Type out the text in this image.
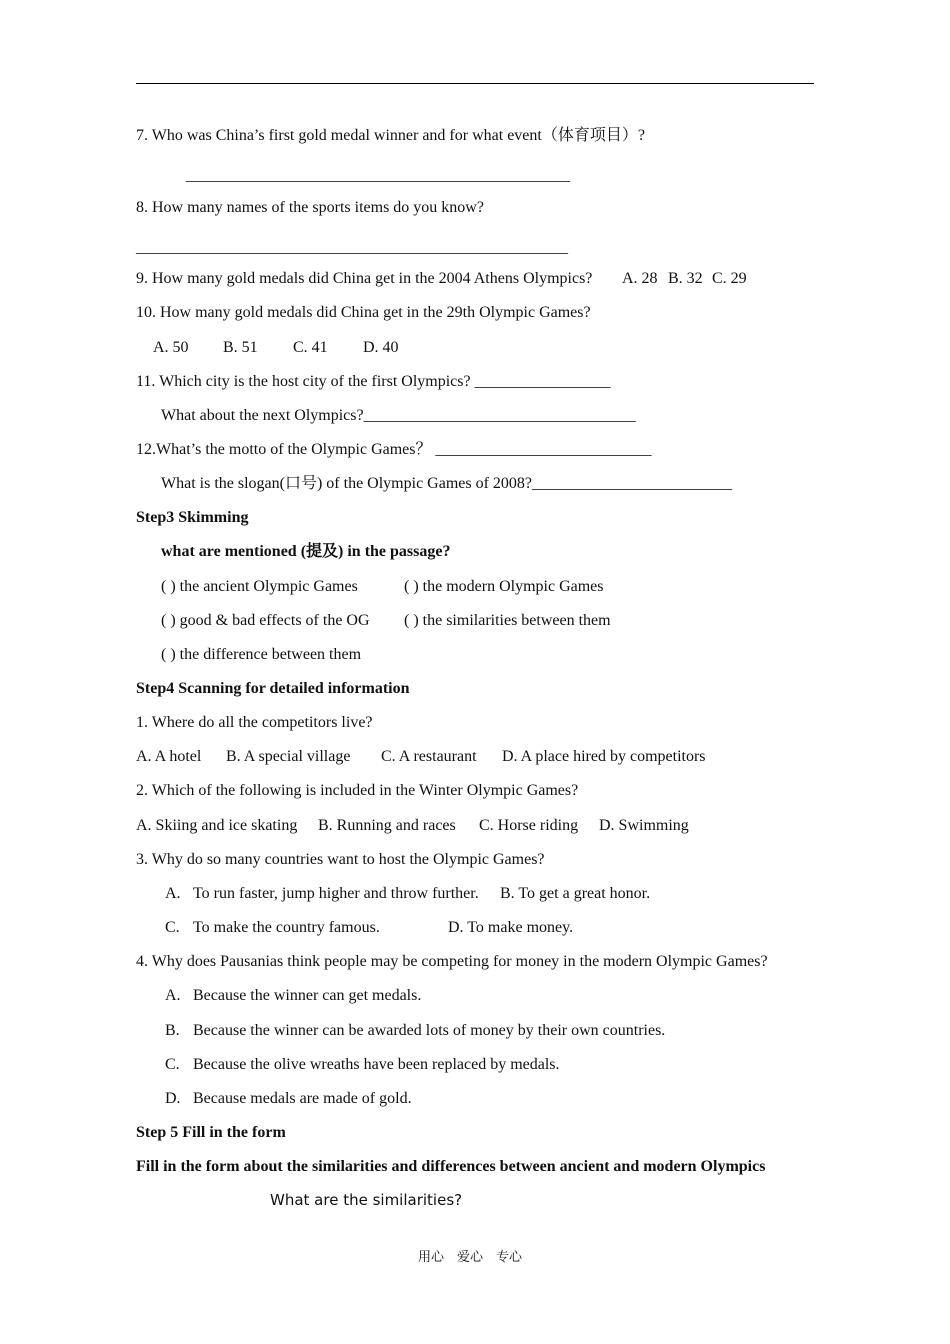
7. Who was China’s first gold medal winner and for what event（体育项目）?
________________________________________________
8. How many names of the sports items do you know?
______________________________________________________
9. How many gold medals did China get in the 2004 Athens Olympics? A. 28 B. 32 C. 29
10. How many gold medals did China get in the 29th Olympic Games?
A. 50 B. 51 C. 41 D. 40
11. Which city is the host city of the first Olympics? _________________
What about the next Olympics?__________________________________
12.What’s the motto of the Olympic Games？ ___________________________
What is the slogan(口号) of the Olympic Games of 2008?_________________________
Step3 Skimming
what are mentioned (提及) in the passage?
( ) the ancient Olympic Games	( ) the modern Olympic Games
( ) good & bad effects of the OG ( ) the similarities between them
( ) the difference between them
Step4 Scanning for detailed information
1. Where do all the competitors live?
A. A hotel B. A special village C. A restaurant D. A place hired by competitors
2. Which of the following is included in the Winter Olympic Games?
A. Skiing and ice skating B. Running and races C. Horse riding D. Swimming
3. Why do so many countries want to host the Olympic Games?
A. To run faster, jump higher and throw further. B. To get a great honor.
C. To make the country famous.	D. To make money.
4. Why does Pausanias think people may be competing for money in the modern Olympic Games?
A. Because the winner can get medals.
B. Because the winner can be awarded lots of money by their own countries.
C. Because the olive wreaths have been replaced by medals.
D. Because medals are made of gold.
Step 5 Fill in the form
Fill in the form about the similarities and differences between ancient and modern Olympics
What are the similarities?
用心　爱心　专心
